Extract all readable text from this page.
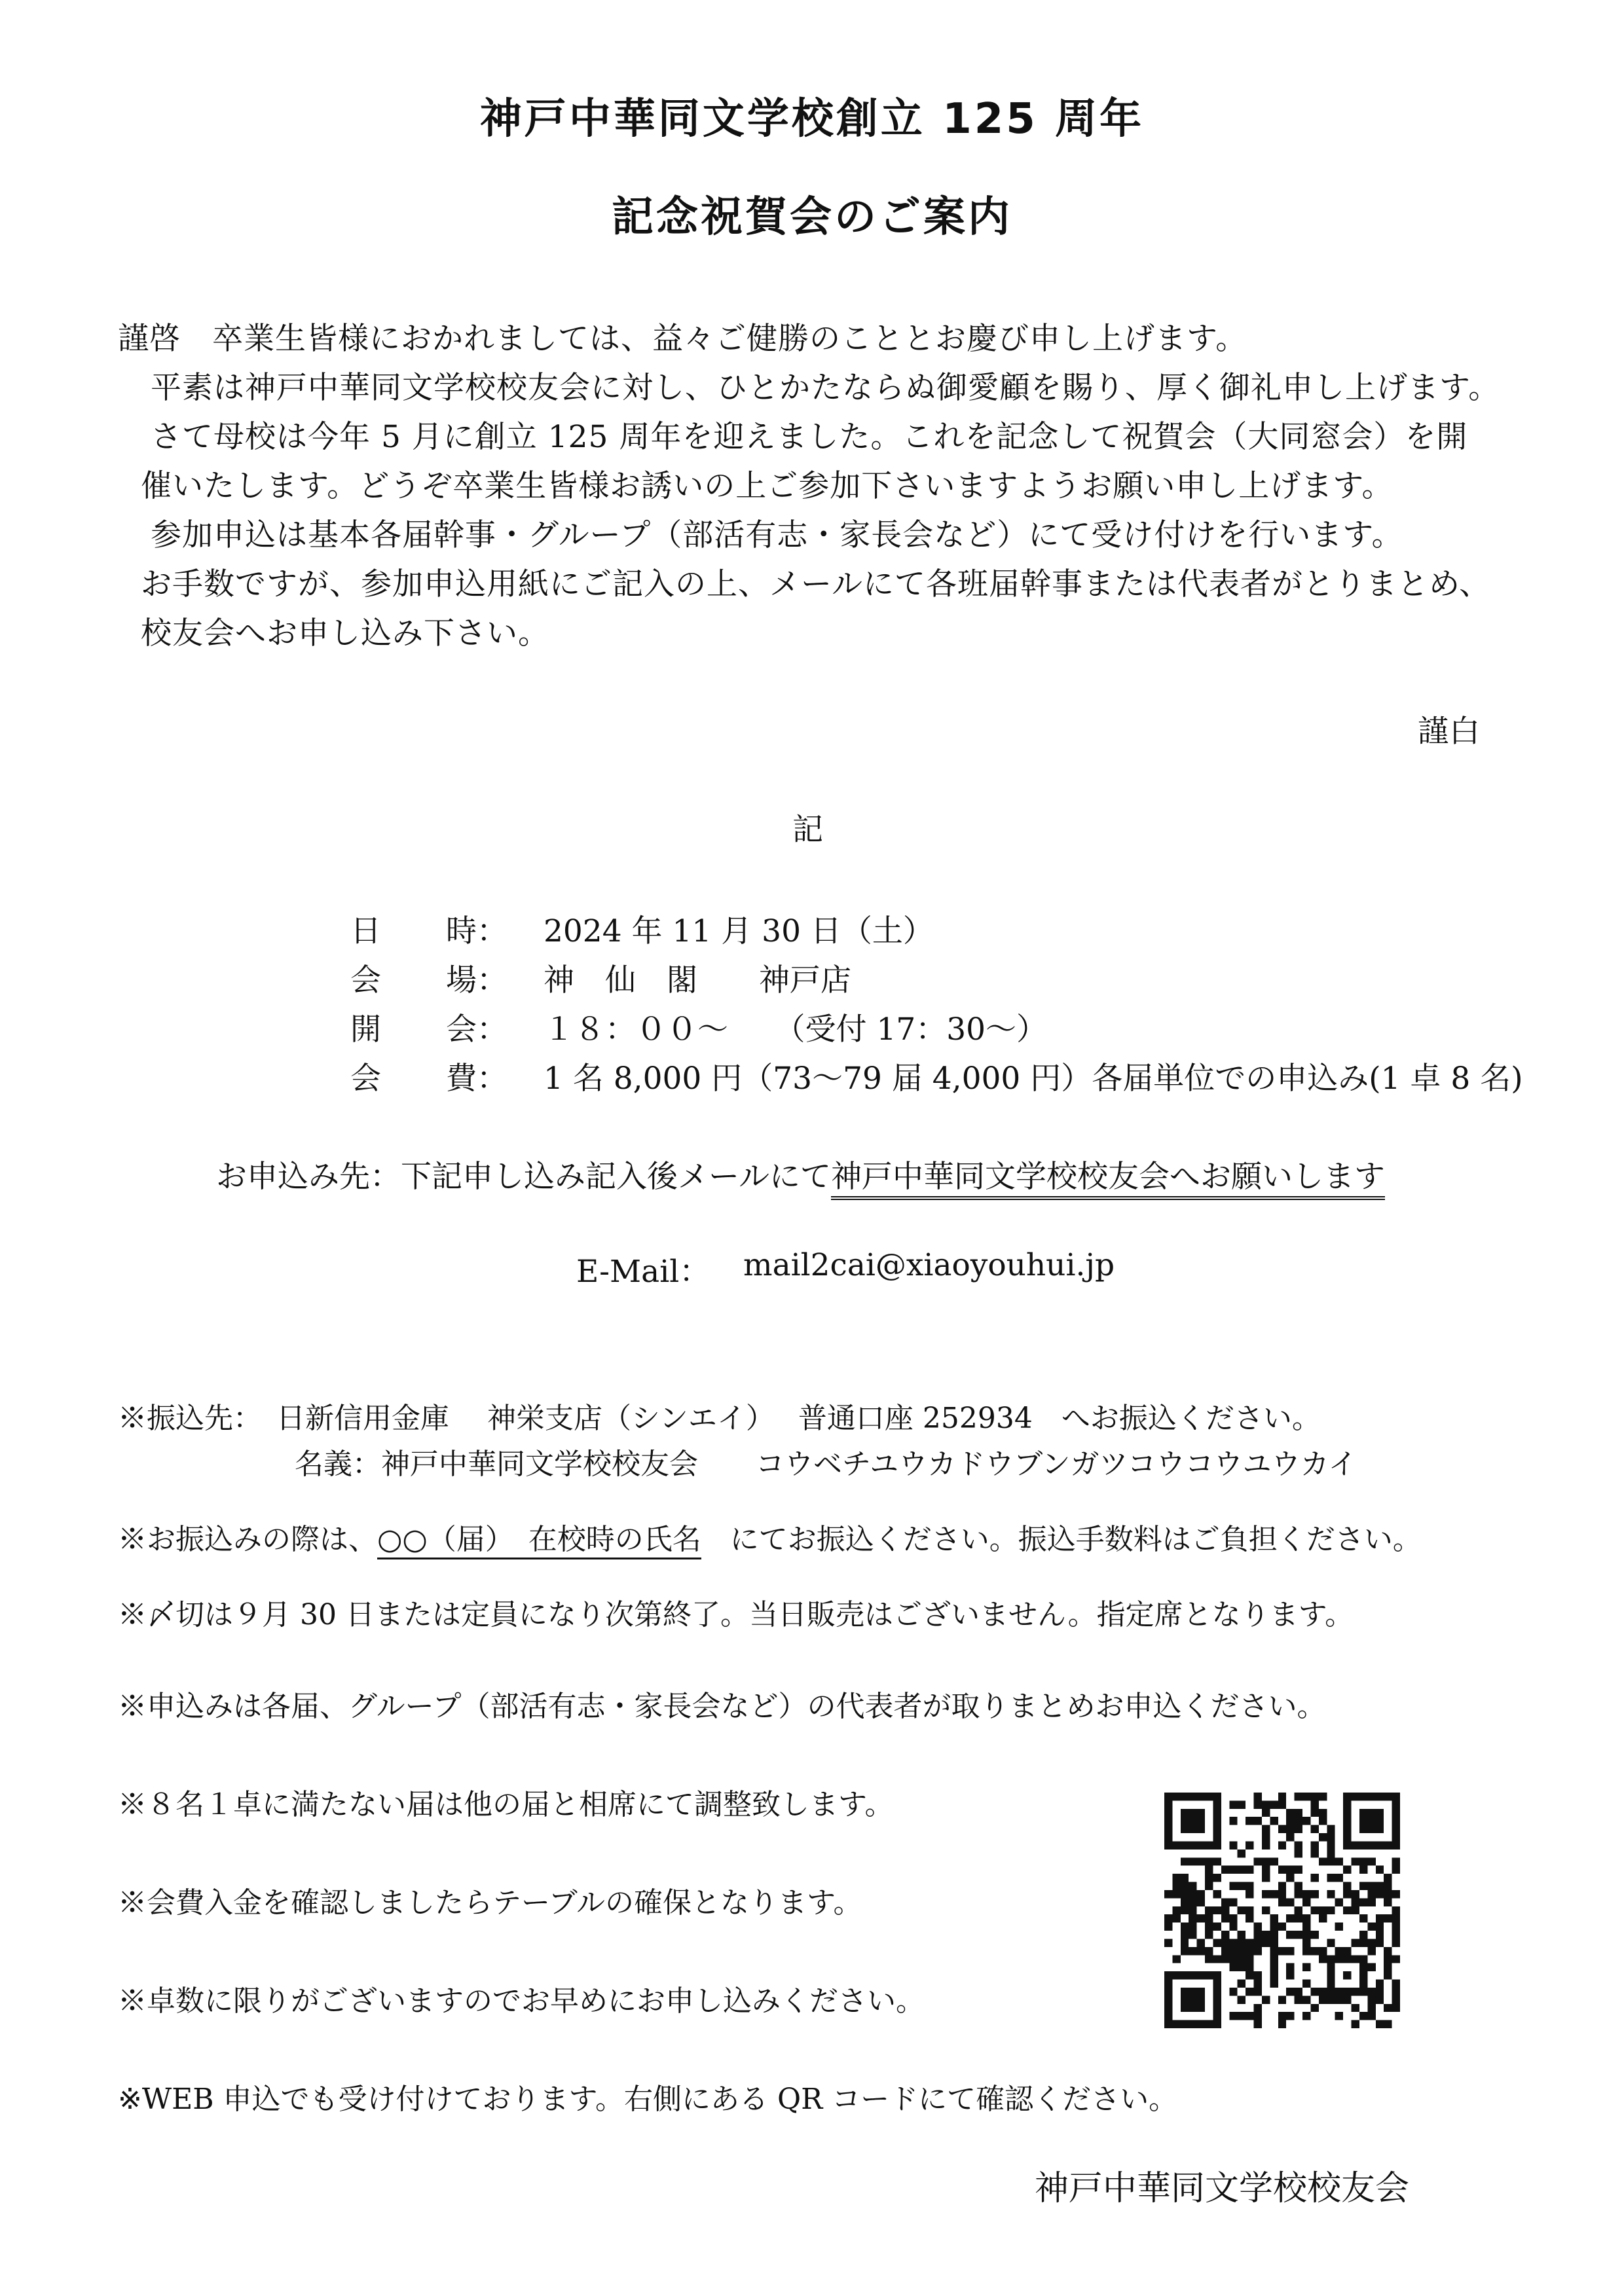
神戸中華同文学校創立 125 周年
記念祝賀会のご案内
謹啓　卒業生皆様におかれましては、益々ご健勝のこととお慶び申し上げます。
平素は神戸中華同文学校校友会に対し、ひとかたならぬ御愛顧を賜り、厚く御礼申し上げます。
さて母校は今年 5 月に創立 125 周年を迎えました。これを記念して祝賀会（大同窓会）を開
催いたします。どうぞ卒業生皆様お誘いの上ご参加下さいますようお願い申し上げます。
参加申込は基本各届幹事・グループ（部活有志・家長会など）にて受け付けを行います。
お手数ですが、参加申込用紙にご記入の上、メールにて各班届幹事または代表者がとりまとめ、
校友会へお申し込み下さい。
謹白
記
日 時： 2024 年 11 月 30 日（土）
会 場： 神　仙　閣　　神戸店
開 会： １８：００～　　（受付 17：30～）
会 費： 1 名 8,000 円（73～79 届 4,000 円）各届単位での申込み(1 卓 8 名)
お申込み先：下記申し込み記入後メールにて神戸中華同文学校校友会へお願いします
E-Mail： mail2cai@xiaoyouhui.jp
※振込先：　日新信用金庫　 神栄支店（シンエイ）　 普通口座 252934　へお振込ください。
名義：神戸中華同文学校校友会　　コウベチユウカドウブンガツコウコウユウカイ
※お振込みの際は、○○（届）　在校時の氏名　にてお振込ください。振込手数料はご負担ください。
※〆切は９月 30 日または定員になり次第終了。当日販売はございません。指定席となります。
※申込みは各届、グループ（部活有志・家長会など）の代表者が取りまとめお申込ください。
※８名１卓に満たない届は他の届と相席にて調整致します。
※会費入金を確認しましたらテーブルの確保となります。
※卓数に限りがございますのでお早めにお申し込みください。
※WEB 申込でも受け付けております。右側にある QR コードにて確認ください。
神戸中華同文学校校友会
